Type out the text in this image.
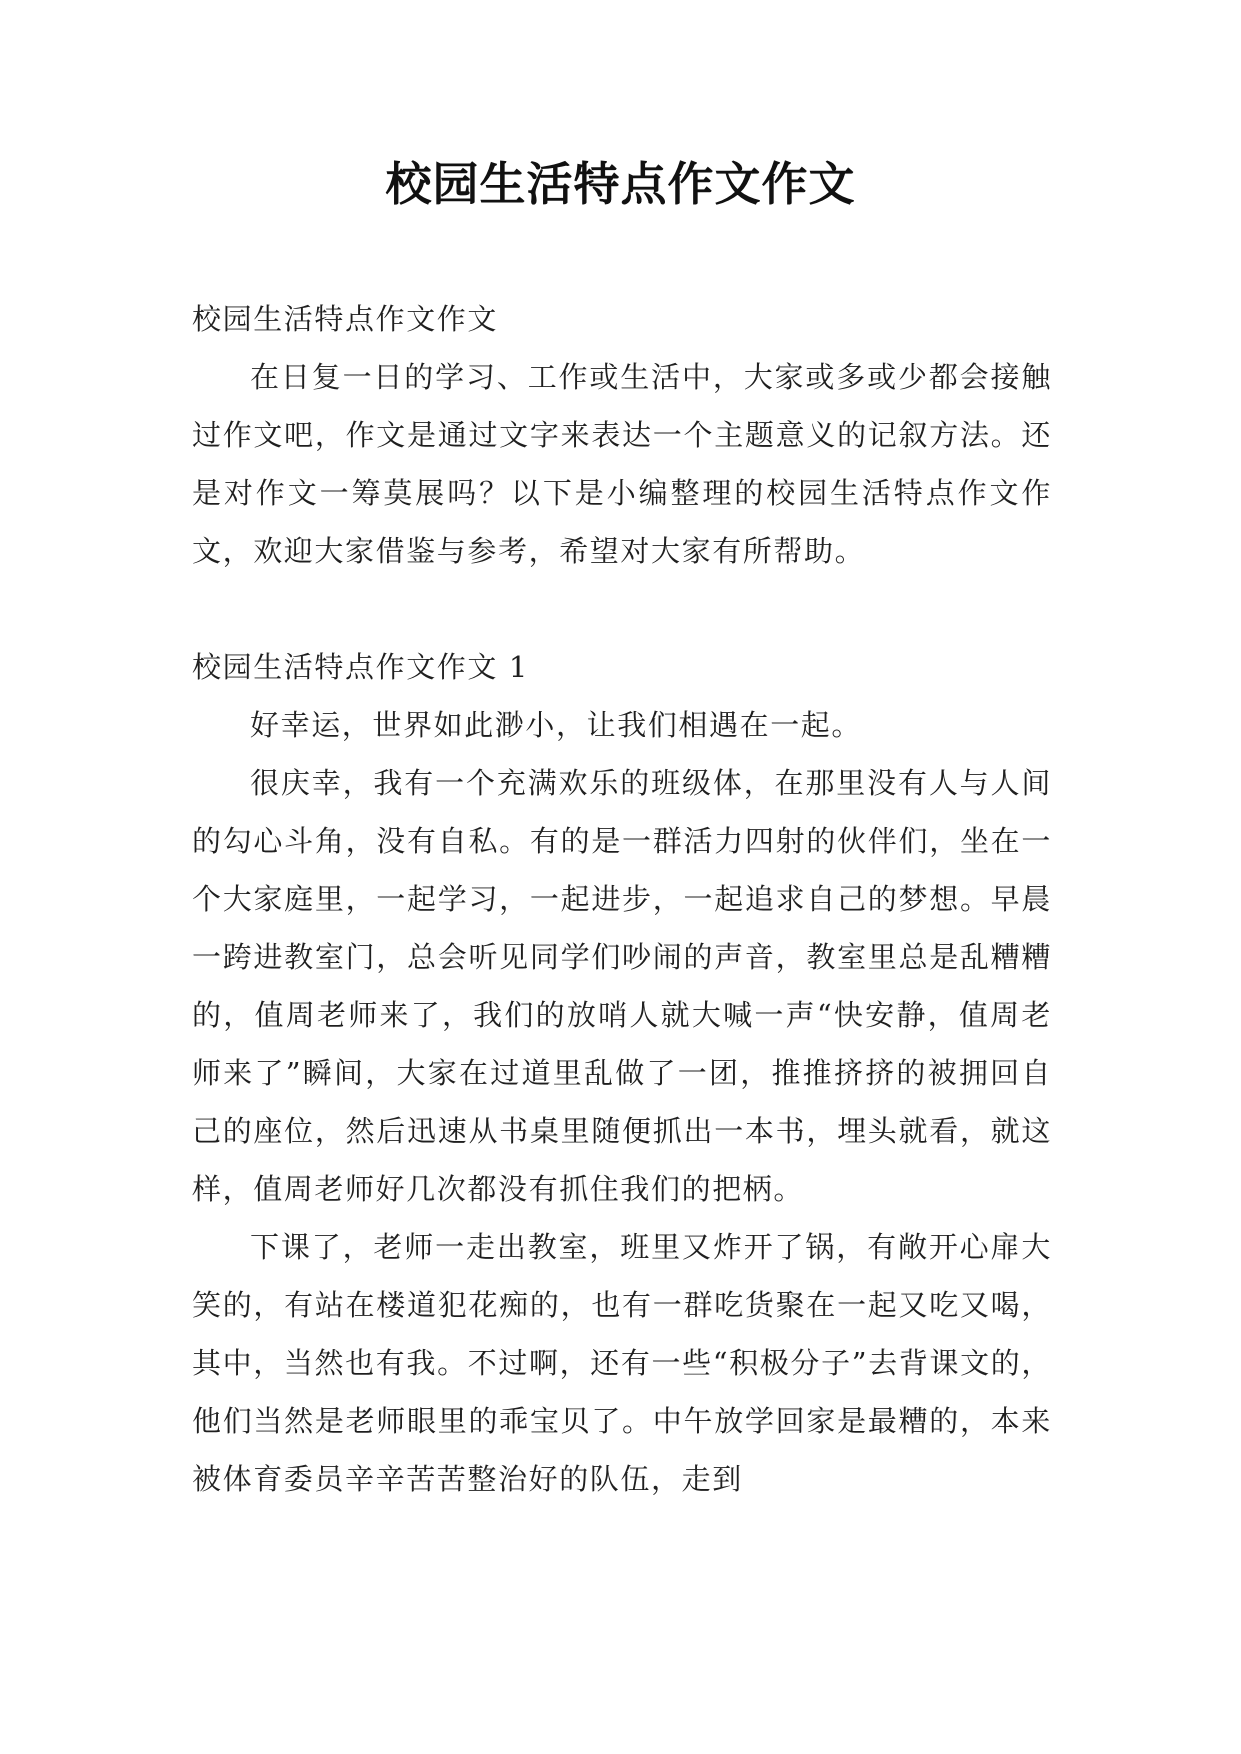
校园生活特点作文作文

校园生活特点作文作文

在日复一日的学习、工作或生活中，大家或多或少都会接触过作文吧，作文是通过文字来表达一个主题意义的记叙方法。还是对作文一筹莫展吗？以下是小编整理的校园生活特点作文作文，欢迎大家借鉴与参考，希望对大家有所帮助。

校园生活特点作文作文 1

好幸运，世界如此渺小，让我们相遇在一起。

很庆幸，我有一个充满欢乐的班级体，在那里没有人与人间的勾心斗角，没有自私。有的是一群活力四射的伙伴们，坐在一个大家庭里，一起学习，一起进步，一起追求自己的梦想。早晨一跨进教室门，总会听见同学们吵闹的声音，教室里总是乱糟糟的，值周老师来了，我们的放哨人就大喊一声“快安静，值周老师来了”瞬间，大家在过道里乱做了一团，推推挤挤的被拥回自己的座位，然后迅速从书桌里随便抓出一本书，埋头就看，就这样，值周老师好几次都没有抓住我们的把柄。

下课了，老师一走出教室，班里又炸开了锅，有敞开心扉大笑的，有站在楼道犯花痴的，也有一群吃货聚在一起又吃又喝，其中，当然也有我。不过啊，还有一些“积极分子”去背课文的，他们当然是老师眼里的乖宝贝了。中午放学回家是最糟的，本来被体育委员辛辛苦苦整治好的队伍，走到
